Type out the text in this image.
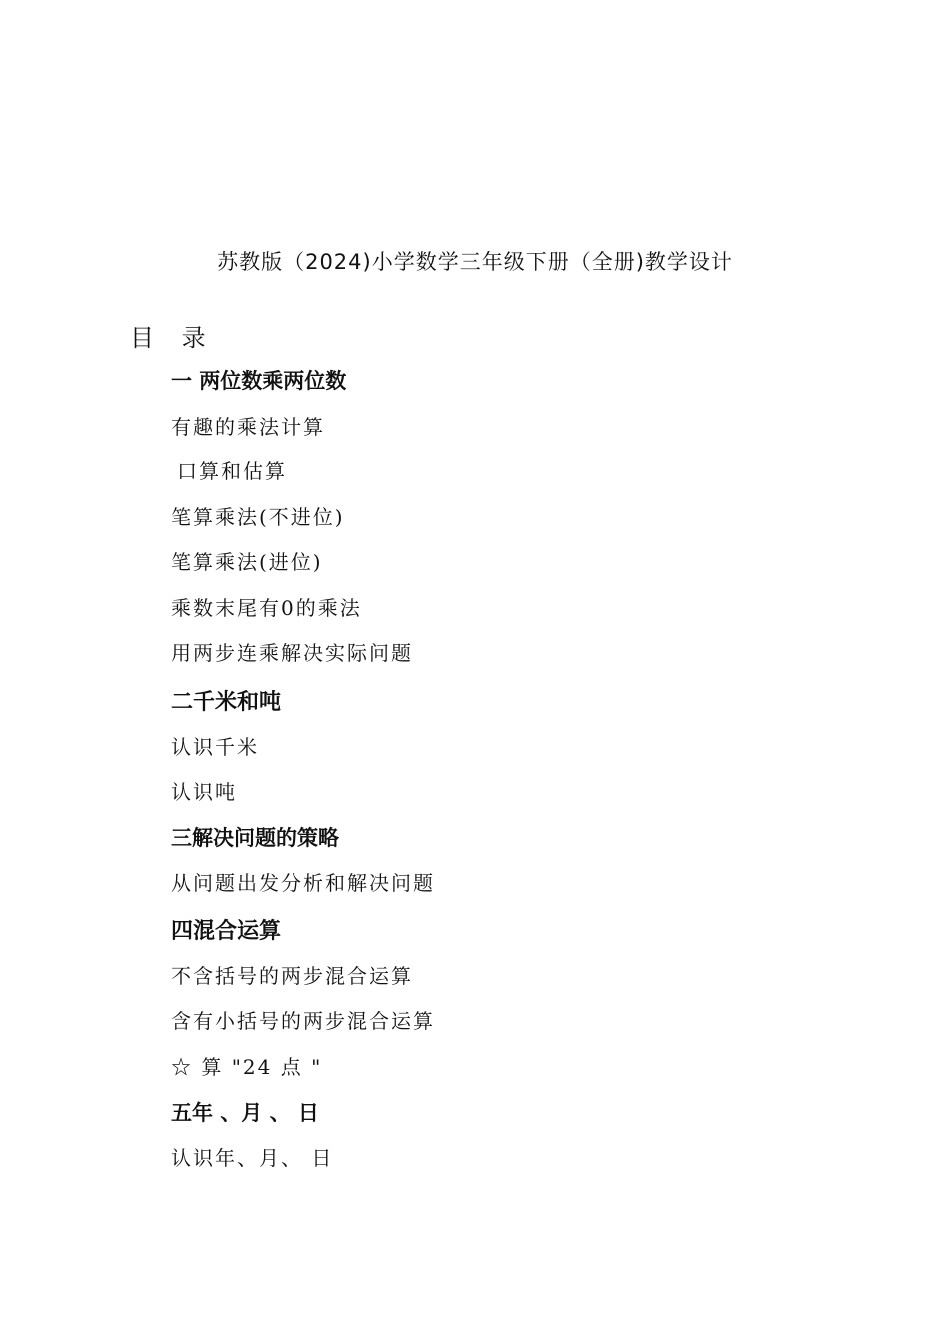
苏教版（2024)小学数学三年级下册（全册)教学设计
目 录
一 两位数乘两位数
有趣的乘法计算
口算和估算
笔算乘法(不进位)
笔算乘法(进位)
乘数末尾有0的乘法
用两步连乘解决实际问题
二千米和吨
认识千米
认识吨
三解决问题的策略
从问题出发分析和解决问题
四混合运算
不含括号的两步混合运算
含有小括号的两步混合运算
☆ 算 "24 点 "
五年 、月 、 日
认识年、月、 日
